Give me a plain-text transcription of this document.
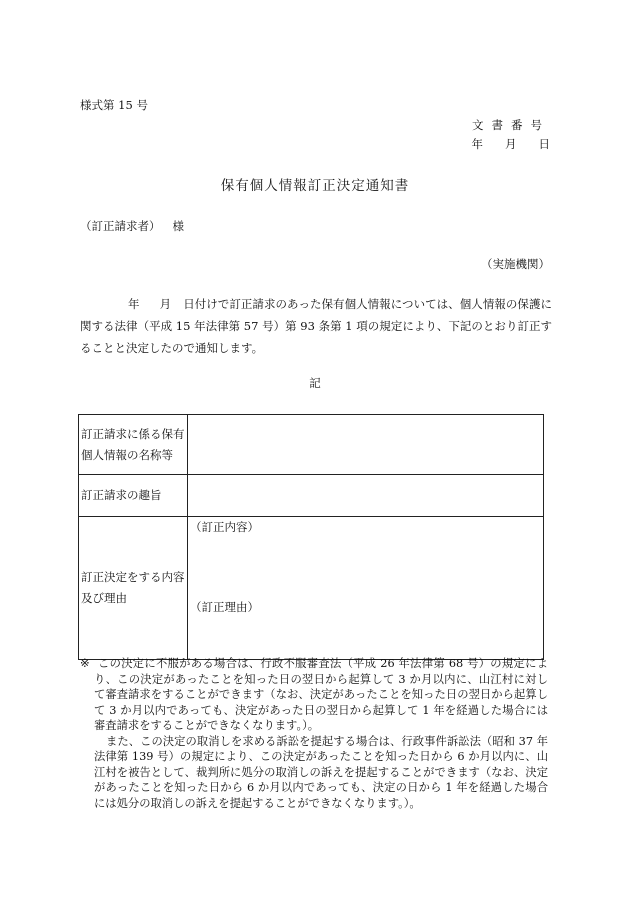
様式第 15 号
文書番号
年 月 日
保有個人情報訂正決定通知書
（訂正請求者） 様
（実施機関）
年 月 日付けで訂正請求のあった保有個人情報については、個人情報の保護に関する法律（平成 15 年法律第 57 号）第 93 条第 1 項の規定により、下記のとおり訂正することと決定したので通知します。
記
訂正請求に係る保有個人情報の名称等	
訂正請求の趣旨	
訂正決定をする内容及び理由	（訂正内容）
（訂正理由）
※ この決定に不服がある場合は、行政不服審査法（平成 26 年法律第 68 号）の規定により、この決定があったことを知った日の翌日から起算して 3 か月以内に、山江村に対して審査請求をすることができます（なお、決定があったことを知った日の翌日から起算して 3 か月以内であっても、決定があった日の翌日から起算して 1 年を経過した場合には審査請求をすることができなくなります。）。
また、この決定の取消しを求める訴訟を提起する場合は、行政事件訴訟法（昭和 37 年法律第 139 号）の規定により、この決定があったことを知った日から 6 か月以内に、山江村を被告として、裁判所に処分の取消しの訴えを提起することができます（なお、決定があったことを知った日から 6 か月以内であっても、決定の日から 1 年を経過した場合には処分の取消しの訴えを提起することができなくなります。）。
